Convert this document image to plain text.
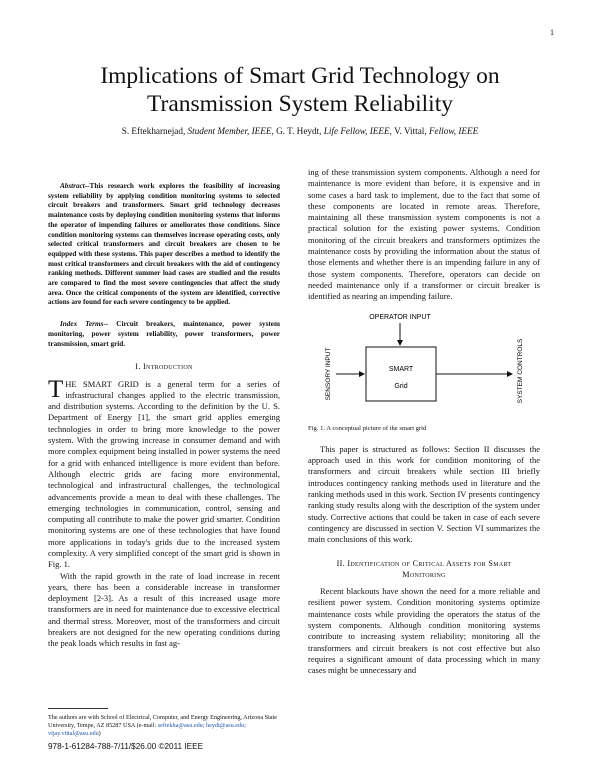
1
Implications of Smart Grid Technology on
Transmission System Reliability
S. Eftekharnejad, Student Member, IEEE, G. T. Heydt, Life Fellow, IEEE, V. Vittal, Fellow, IEEE

Abstract--This research work explores the feasibility of increasing system reliability by applying condition monitoring systems to selected circuit breakers and transformers. Smart grid technology decreases maintenance costs by deploying condition monitoring systems that informs the operator of impending failures or ameliorates those conditions. Since condition monitoring systems can themselves increase operating costs, only selected critical transformers and circuit breakers are chosen to be equipped with these systems. This paper describes a method to identify the most critical transformers and circuit breakers with the aid of contingency ranking methods. Different summer load cases are studied and the results are compared to find the most severe contingencies that affect the study area. Once the critical components of the system are identified, corrective actions are found for each severe contingency to be applied.

Index Terms-- Circuit breakers, maintenance, power system monitoring, power system reliability, power transformers, power transmission, smart grid.

I. Introduction

THE SMART GRID is a general term for a series of infrastructural changes applied to the electric transmission, and distribution systems. According to the definition by the U. S. Department of Energy [1], the smart grid applies emerging technologies in order to bring more knowledge to the power system. With the growing increase in consumer demand and with more complex equipment being installed in power systems the need for a grid with enhanced intelligence is more evident than before. Although electric grids are facing more environmental, technological and infrastructural challenges, the technological advancements provide a mean to deal with these challenges. The emerging technologies in communication, control, sensing and computing all contribute to make the power grid smarter. Condition monitoring systems are one of these technologies that have found more applications in today's grids due to the increased system complexity. A very simplified concept of the smart grid is shown in Fig. 1.

With the rapid growth in the rate of load increase in recent years, there has been a considerable increase in transformer deployment [2-3]. As a result of this increased usage more transformers are in need for maintenance due to excessive electrical and thermal stress. Moreover, most of the transformers and circuit breakers are not designed for the new operating conditions during the peak loads which results in fast ag-

ing of these transmission system components. Although a need for maintenance is more evident than before, it is expensive and in some cases a hard task to implement, due to the fact that some of these components are located in remote areas. Therefore, maintaining all these transmission system components is not a practical solution for the existing power systems. Condition monitoring of the circuit breakers and transformers optimizes the maintenance costs by providing the information about the status of those elements and whether there is an impending failure in any of those system components. Therefore, operators can decide on needed maintenance only if a transformer or circuit breaker is identified as nearing an impending failure.

OPERATOR INPUT
SMART
Grid
SENSORY INPUT	SYSTEM CONTROLS

Fig. 1. A conceptual picture of the smart grid

This paper is structured as follows: Section II discusses the approach used in this work for condition monitoring of the transformers and circuit breakers while section III briefly introduces contingency ranking methods used in literature and the ranking methods used in this work. Section IV presents contingency ranking study results along with the description of the system under study. Corrective actions that could be taken in case of each severe contingency are discussed in section V. Section VI summarizes the main conclusions of this work.

II. Identification of Critical Assets for Smart
Monitoring

Recent blackouts have shown the need for a more reliable and resilient power system. Condition monitoring systems optimize maintenance costs while providing the operators the status of the system components. Although condition monitoring systems contribute to increasing system reliability; monitoring all the transformers and circuit breakers is not cost effective but also requires a significant amount of data processing which in many cases might be unnecessary and

The authors are with School of Electrical, Computer, and Energy Engineering, Arizona State University, Tempe, AZ 85287 USA (e-mail: seftekha@asu.edu; heydt@asu.edu; vijay.vittal@asu.edu)
978-1-61284-788-7/11/$26.00 ©2011 IEEE
